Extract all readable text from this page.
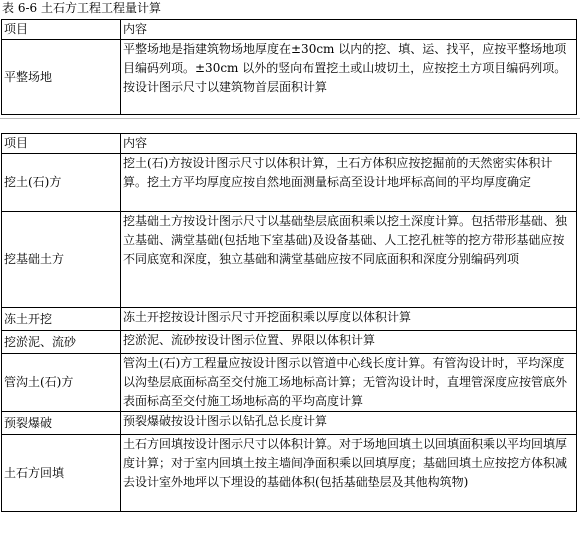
表 6-6 土石方工程工程量计算
项目	内容
平整场地	平整场地是指建筑物场地厚度在±30cm 以内的挖、填、运、找平，应按平整场地项目编码列项。±30cm 以外的竖向布置挖土或山坡切土，应按挖土方项目编码列项。按设计图示尺寸以建筑物首层面积计算
项目	内容
挖土(石)方	挖土(石)方按设计图示尺寸以体积计算，土石方体积应按挖掘前的天然密实体积计算。挖土方平均厚度应按自然地面测量标高至设计地坪标高间的平均厚度确定
挖基础土方	挖基础土方按设计图示尺寸以基础垫层底面积乘以挖土深度计算。包括带形基础、独立基础、满堂基础(包括地下室基础)及设备基础、人工挖孔桩等的挖方带形基础应按不同底宽和深度，独立基础和满堂基础应按不同底面积和深度分别编码列项
冻土开挖	冻土开挖按设计图示尺寸开挖面积乘以厚度以体积计算
挖淤泥、流砂	挖淤泥、流砂按设计图示位置、界限以体积计算
管沟土(石)方	管沟土(石)方工程量应按设计图示以管道中心线长度计算。有管沟设计时，平均深度以沟垫层底面标高至交付施工场地标高计算；无管沟设计时，直埋管深度应按管底外表面标高至交付施工场地标高的平均高度计算
预裂爆破	预裂爆破按设计图示以钻孔总长度计算
土石方回填	土石方回填按设计图示尺寸以体积计算。对于场地回填土以回填面积乘以平均回填厚度计算；对于室内回填土按主墙间净面积乘以回填厚度；基础回填土应按挖方体积减去设计室外地坪以下埋设的基础体积(包括基础垫层及其他构筑物)
